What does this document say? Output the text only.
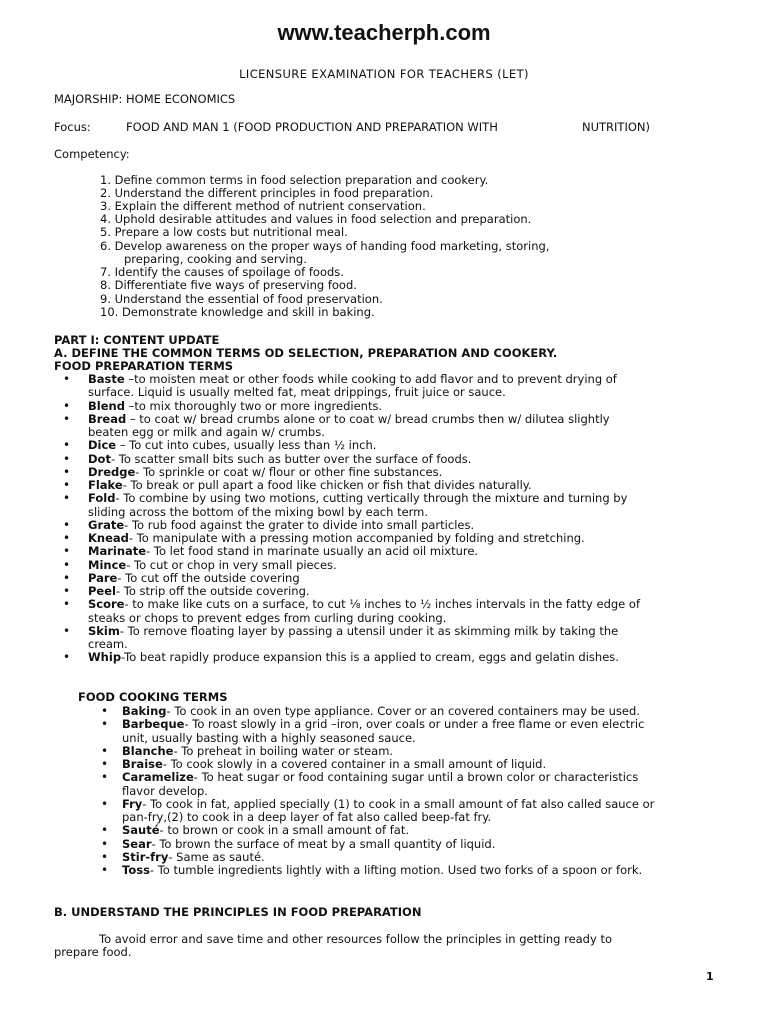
www.teacherph.com
LICENSURE EXAMINATION FOR TEACHERS (LET)
MAJORSHIP: HOME ECONOMICS
Focus:	FOOD AND MAN 1 (FOOD PRODUCTION AND PREPARATION WITH	NUTRITION)
Competency:
1. Define common terms in food selection preparation and cookery.
2. Understand the different principles in food preparation.
3. Explain the different method of nutrient conservation.
4. Uphold desirable attitudes and values in food selection and preparation.
5. Prepare a low costs but nutritional meal.
6. Develop awareness on the proper ways of handing food marketing, storing,
preparing, cooking and serving.
7. Identify the causes of spoilage of foods.
8. Differentiate five ways of preserving food.
9. Understand the essential of food preservation.
10. Demonstrate knowledge and skill in baking.
PART I: CONTENT UPDATE
A. DEFINE THE COMMON TERMS OD SELECTION, PREPARATION AND COOKERY.
FOOD PREPARATION TERMS
• Baste –to moisten meat or other foods while cooking to add flavor and to prevent drying of
surface. Liquid is usually melted fat, meat drippings, fruit juice or sauce.
• Blend –to mix thoroughly two or more ingredients.
• Bread – to coat w/ bread crumbs alone or to coat w/ bread crumbs then w/ dilutea slightly
beaten egg or milk and again w/ crumbs.
• Dice – To cut into cubes, usually less than ½ inch.
• Dot- To scatter small bits such as butter over the surface of foods.
• Dredge- To sprinkle or coat w/ flour or other fine substances.
• Flake- To break or pull apart a food like chicken or fish that divides naturally.
• Fold- To combine by using two motions, cutting vertically through the mixture and turning by
sliding across the bottom of the mixing bowl by each term.
• Grate- To rub food against the grater to divide into small particles.
• Knead- To manipulate with a pressing motion accompanied by folding and stretching.
• Marinate- To let food stand in marinate usually an acid oil mixture.
• Mince- To cut or chop in very small pieces.
• Pare- To cut off the outside covering
• Peel- To strip off the outside covering.
• Score- to make like cuts on a surface, to cut ⅛ inches to ½ inches intervals in the fatty edge of
steaks or chops to prevent edges from curling during cooking.
• Skim- To remove floating layer by passing a utensil under it as skimming milk by taking the
cream.
• Whip-To beat rapidly produce expansion this is a applied to cream, eggs and gelatin dishes.
FOOD COOKING TERMS
• Baking- To cook in an oven type appliance. Cover or an covered containers may be used.
• Barbeque- To roast slowly in a grid –iron, over coals or under a free flame or even electric
unit, usually basting with a highly seasoned sauce.
• Blanche- To preheat in boiling water or steam.
• Braise- To cook slowly in a covered container in a small amount of liquid.
• Caramelize- To heat sugar or food containing sugar until a brown color or characteristics
flavor develop.
• Fry- To cook in fat, applied specially (1) to cook in a small amount of fat also called sauce or
pan-fry,(2) to cook in a deep layer of fat also called beep-fat fry.
• Sauté- to brown or cook in a small amount of fat.
• Sear- To brown the surface of meat by a small quantity of liquid.
• Stir-fry- Same as sauté.
• Toss- To tumble ingredients lightly with a lifting motion. Used two forks of a spoon or fork.
B. UNDERSTAND THE PRINCIPLES IN FOOD PREPARATION
To avoid error and save time and other resources follow the principles in getting ready to
prepare food.
1
